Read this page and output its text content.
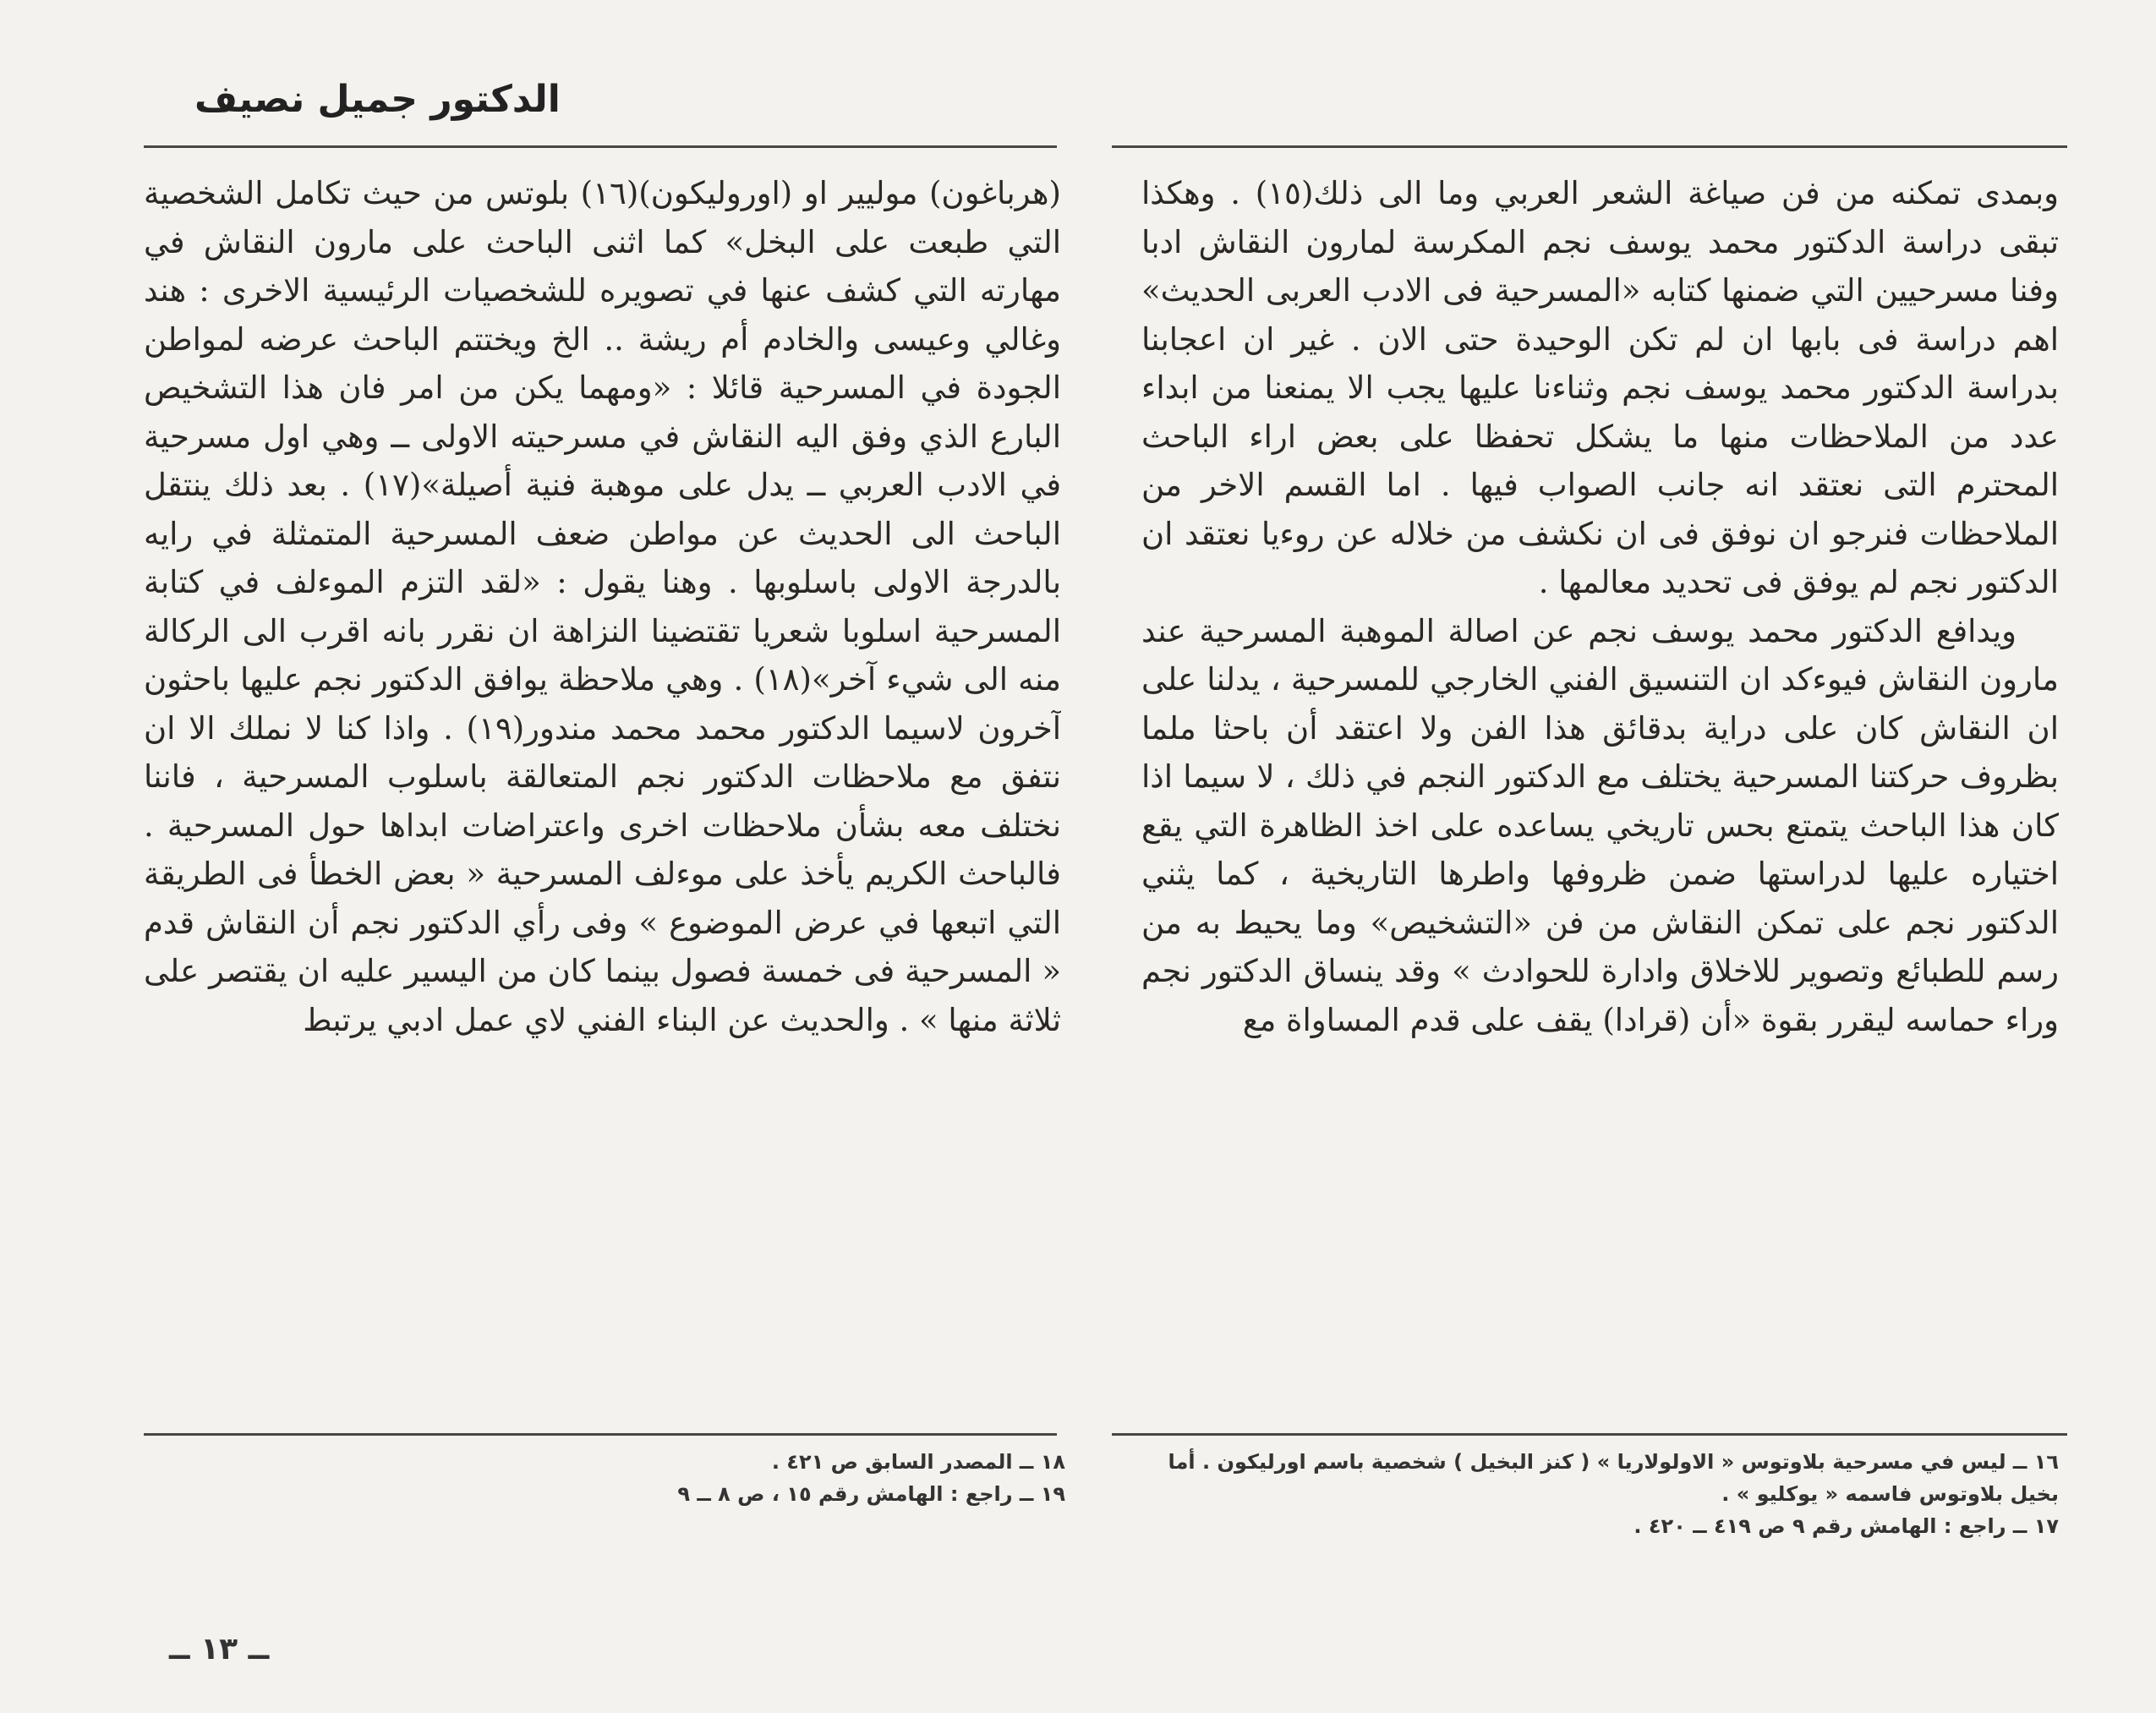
الدكتور جميل نصيف

وبمدى تمكنه من فن صياغة الشعر العربي وما الى ذلك(١٥) . وهكذا تبقى دراسة الدكتور محمد يوسف نجم المكرسة لمارون النقاش ادبا وفنا مسرحيين التي ضمنها كتابه «المسرحية فى الادب العربى الحديث» اهم دراسة فى بابها ان لم تكن الوحيدة حتى الان . غير ان اعجابنا بدراسة الدكتور محمد يوسف نجم وثناءنا عليها يجب الا يمنعنا من ابداء عدد من الملاحظات منها ما يشكل تحفظا على بعض اراء الباحث المحترم التى نعتقد انه جانب الصواب فيها . اما القسم الاخر من الملاحظات فنرجو ان نوفق فى ان نكشف من خلاله عن روءيا نعتقد ان الدكتور نجم لم يوفق فى تحديد معالمها .

ويدافع الدكتور محمد يوسف نجم عن اصالة الموهبة المسرحية عند مارون النقاش فيوءكد ان التنسيق الفني الخارجي للمسرحية ، يدلنا على ان النقاش كان على دراية بدقائق هذا الفن ولا اعتقد أن باحثا ملما بظروف حركتنا المسرحية يختلف مع الدكتور النجم في ذلك ، لا سيما اذا كان هذا الباحث يتمتع بحس تاريخي يساعده على اخذ الظاهرة التي يقع اختياره عليها لدراستها ضمن ظروفها واطرها التاريخية ، كما يثني الدكتور نجم على تمكن النقاش من فن «التشخيص» وما يحيط به من رسم للطبائع وتصوير للاخلاق وادارة للحوادث » وقد ينساق الدكتور نجم وراء حماسه ليقرر بقوة «أن (قرادا) يقف على قدم المساواة مع

(هرباغون) موليير او (اوروليكون)(١٦) بلوتس من حيث تكامل الشخصية التي طبعت على البخل» كما اثنى الباحث على مارون النقاش في مهارته التي كشف عنها في تصويره للشخصيات الرئيسية الاخرى : هند وغالي وعيسى والخادم أم ريشة .. الخ ويختتم الباحث عرضه لمواطن الجودة في المسرحية قائلا : «ومهما يكن من امر فان هذا التشخيص البارع الذي وفق اليه النقاش في مسرحيته الاولى ــ وهي اول مسرحية في الادب العربي ــ يدل على موهبة فنية أصيلة»(١٧) . بعد ذلك ينتقل الباحث الى الحديث عن مواطن ضعف المسرحية المتمثلة في رايه بالدرجة الاولى باسلوبها . وهنا يقول : «لقد التزم الموءلف في كتابة المسرحية اسلوبا شعريا تقتضينا النزاهة ان نقرر بانه اقرب الى الركالة منه الى شيء آخر»(١٨) . وهي ملاحظة يوافق الدكتور نجم عليها باحثون آخرون لاسيما الدكتور محمد محمد مندور(١٩) . واذا كنا لا نملك الا ان نتفق مع ملاحظات الدكتور نجم المتعالقة باسلوب المسرحية ، فاننا نختلف معه بشأن ملاحظات اخرى واعتراضات ابداها حول المسرحية . فالباحث الكريم يأخذ على موءلف المسرحية « بعض الخطأ فى الطريقة التي اتبعها في عرض الموضوع » وفى رأي الدكتور نجم أن النقاش قدم « المسرحية فى خمسة فصول بينما كان من اليسير عليه ان يقتصر على ثلاثة منها » . والحديث عن البناء الفني لاي عمل ادبي يرتبط

١٦ ــ ليس في مسرحية بلاوتوس « الاولولاريا » ( كنز البخيل ) شخصية باسم اورليكون . أما بخيل بلاوتوس فاسمه « يوكليو » .

١٧ ــ راجع : الهامش رقم ٩ ص ٤١٩ ــ ٤٢٠ .

١٨ ــ المصدر السابق ص ٤٢١ .

١٩ ــ راجع : الهامش رقم ١٥ ، ص ٨ ــ ٩

ــ ١٣ ــ
